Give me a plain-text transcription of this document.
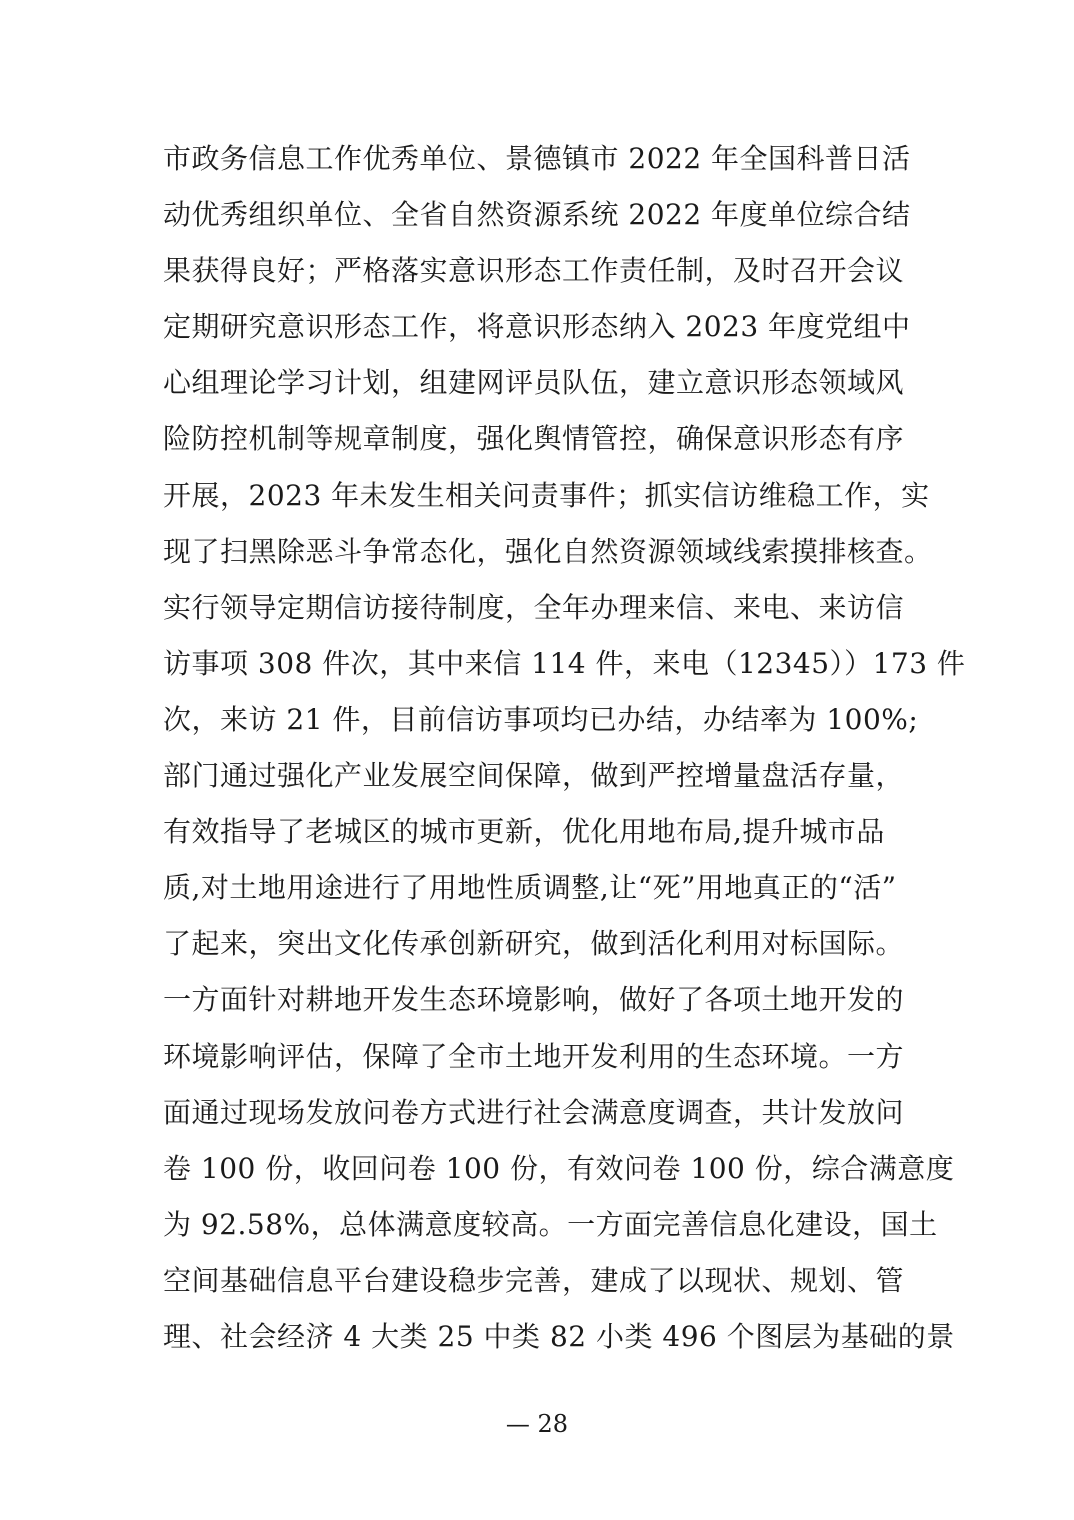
市政务信息工作优秀单位、景德镇市 2022 年全国科普日活
动优秀组织单位、全省自然资源系统 2022 年度单位综合结
果获得良好；严格落实意识形态工作责任制，及时召开会议
定期研究意识形态工作，将意识形态纳入 2023 年度党组中
心组理论学习计划，组建网评员队伍，建立意识形态领域风
险防控机制等规章制度，强化舆情管控，确保意识形态有序
开展，2023 年未发生相关问责事件；抓实信访维稳工作，实
现了扫黑除恶斗争常态化，强化自然资源领域线索摸排核查。
实行领导定期信访接待制度，全年办理来信、来电、来访信
访事项 308 件次，其中来信 114 件，来电（12345））173 件
次，来访 21 件，目前信访事项均已办结，办结率为 100%;
部门通过强化产业发展空间保障，做到严控增量盘活存量，
有效指导了老城区的城市更新，优化用地布局,提升城市品
质,对土地用途进行了用地性质调整,让“死”用地真正的“活”
了起来，突出文化传承创新研究，做到活化利用对标国际。
一方面针对耕地开发生态环境影响，做好了各项土地开发的
环境影响评估，保障了全市土地开发利用的生态环境。一方
面通过现场发放问卷方式进行社会满意度调查，共计发放问
卷 100 份，收回问卷 100 份，有效问卷 100 份，综合满意度
为 92.58%，总体满意度较高。一方面完善信息化建设，国土
空间基础信息平台建设稳步完善，建成了以现状、规划、管
理、社会经济 4 大类 25 中类 82 小类 496 个图层为基础的景
— 28
